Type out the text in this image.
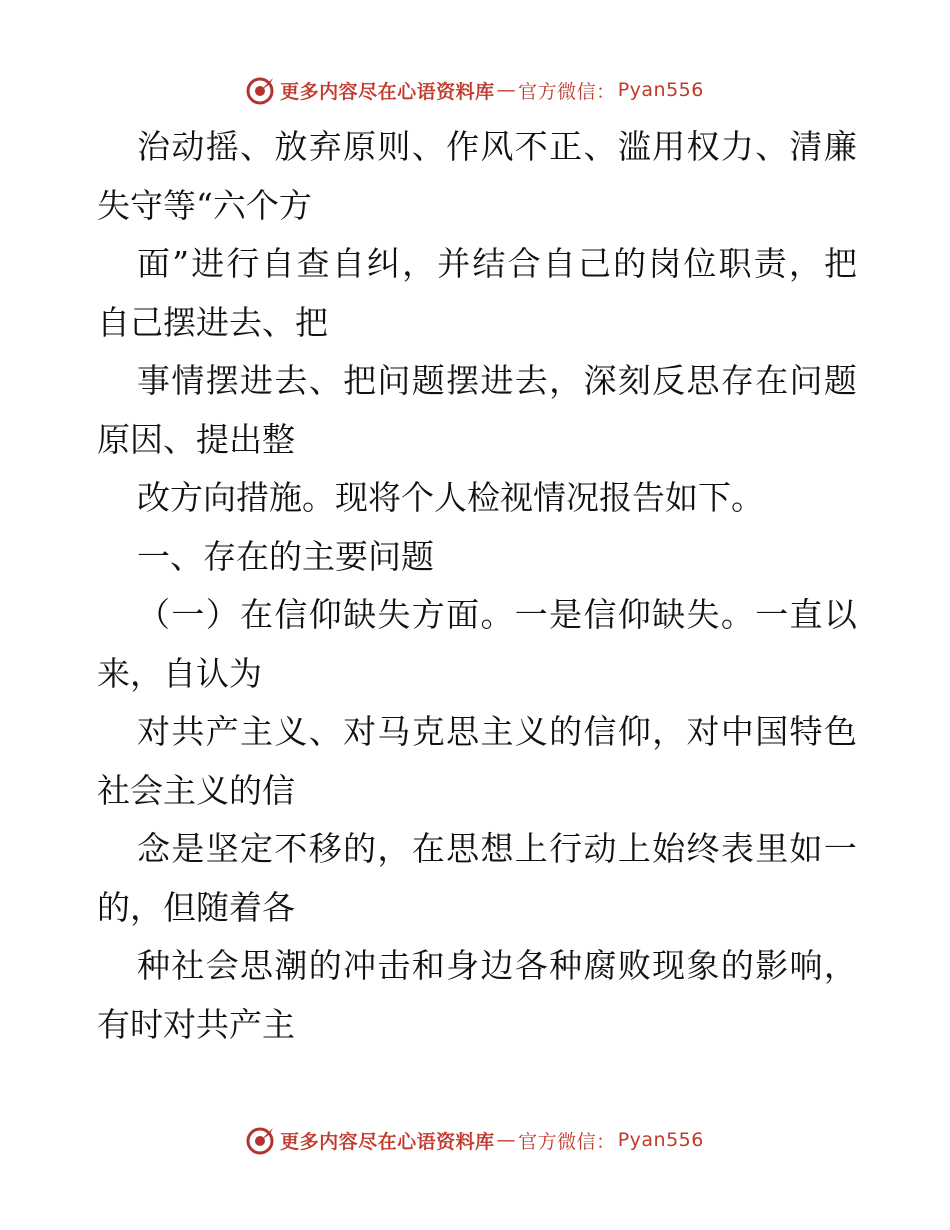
更多内容尽在心语资料库 — 官方微信： Pyan556
治 动 摇 、 放 弃 原 则 、 作 风 不 正 、 滥 用 权 力 、 清 廉
失守等“六个方
面 ” 进 行 自 查 自 纠 ， 并 结 合 自 己 的 岗 位 职 责 ， 把
自己摆进去、把
事 情 摆 进 去 、 把 问 题 摆 进 去 ， 深 刻 反 思 存 在 问 题
原因、提出整
改方向措施。现将个人检视情况报告如下。
一、存在的主要问题
（ 一 ） 在 信 仰 缺 失 方 面 。 一 是 信 仰 缺 失 。 一 直 以
来，自认为
对 共 产 主 义 、 对 马 克 思 主 义 的 信 仰 ， 对 中 国 特 色
社会主义的信
念 是 坚 定 不 移 的 ， 在 思 想 上 行 动 上 始 终 表 里 如 一
的，但随着各
种 社 会 思 潮 的 冲 击 和 身 边 各 种 腐 败 现 象 的 影 响 ，
有时对共产主
更多内容尽在心语资料库 — 官方微信： Pyan556
